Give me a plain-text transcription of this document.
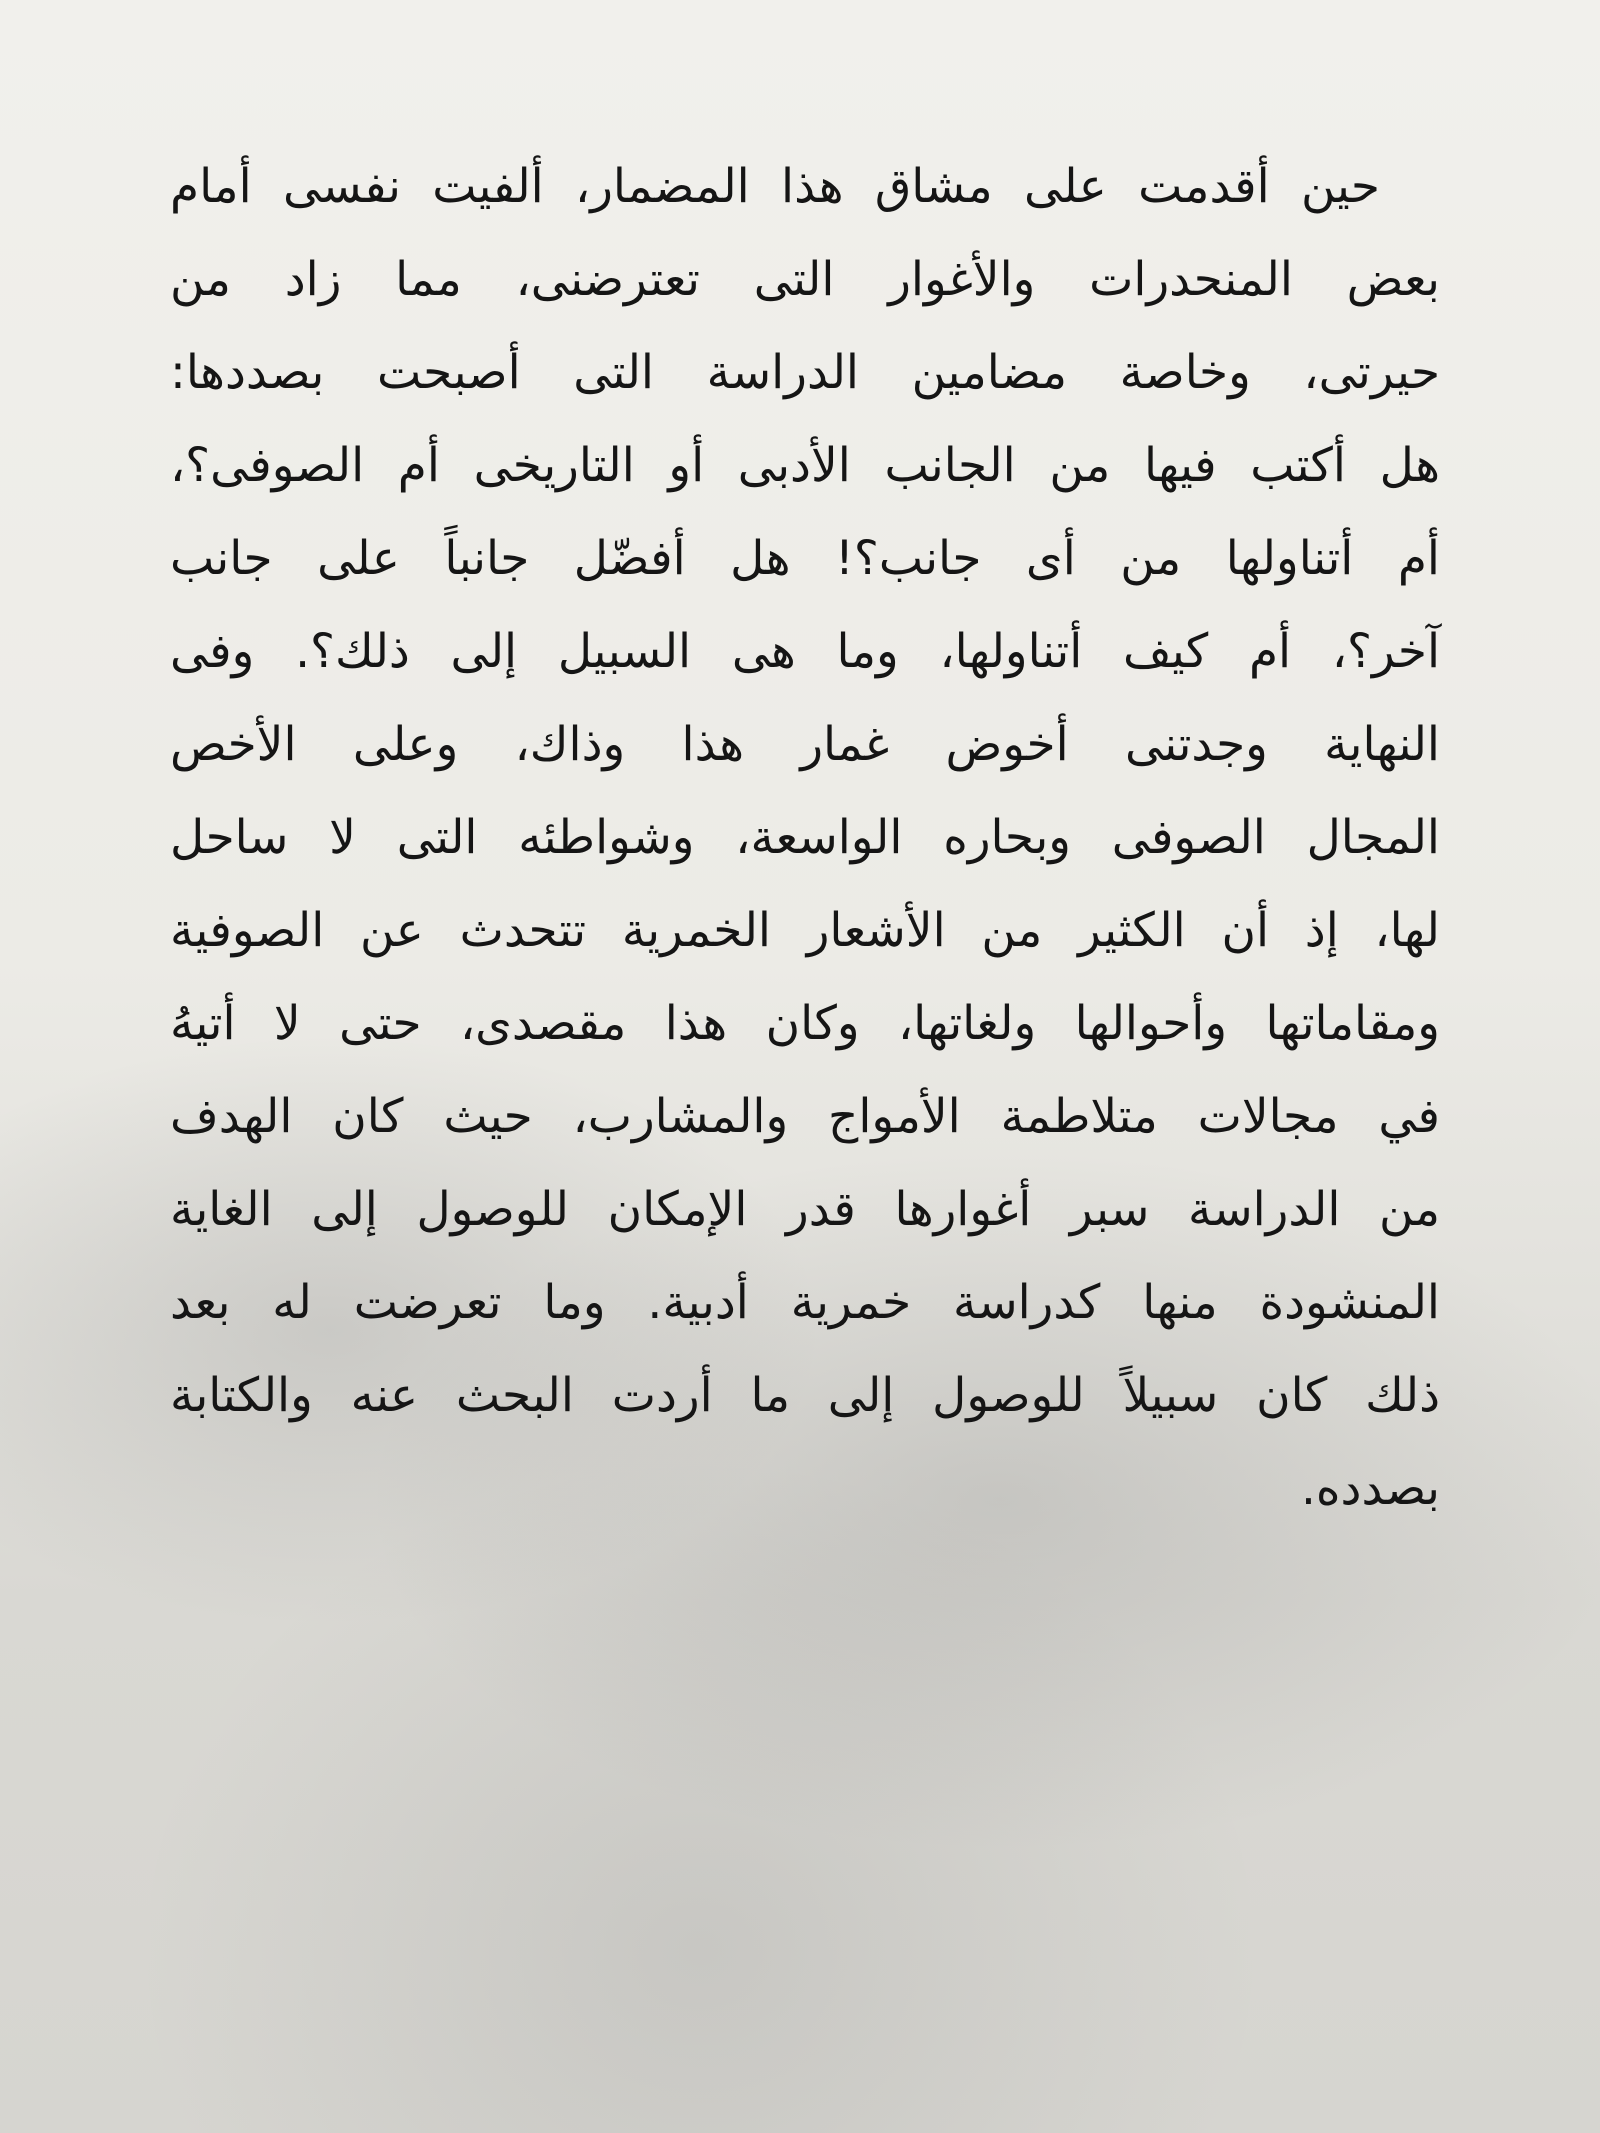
حين أقدمت على مشاق هذا المضمار، ألفيت نفسى أمام
بعض المنحدرات والأغوار التى تعترضنى، مما زاد من
حيرتى، وخاصة مضامين الدراسة التى أصبحت بصددها:
هل أكتب فيها من الجانب الأدبى أو التاريخى أم الصوفى؟،
أم أتناولها من أى جانب؟! هل أفضّل جانباً على جانب
آخر؟، أم كيف أتناولها، وما هى السبيل إلى ذلك؟. وفى
النهاية وجدتنى أخوض غمار هذا وذاك، وعلى الأخص
المجال الصوفى وبحاره الواسعة، وشواطئه التى لا ساحل
لها، إذ أن الكثير من الأشعار الخمرية تتحدث عن الصوفية
ومقاماتها وأحوالها ولغاتها، وكان هذا مقصدى، حتى لا أتيهُ
في مجالات متلاطمة الأمواج والمشارب، حيث كان الهدف
من الدراسة سبر أغوارها قدر الإمكان للوصول إلى الغاية
المنشودة منها كدراسة خمرية أدبية. وما تعرضت له بعد
ذلك كان سبيلاً للوصول إلى ما أردت البحث عنه والكتابة
بصدده.
